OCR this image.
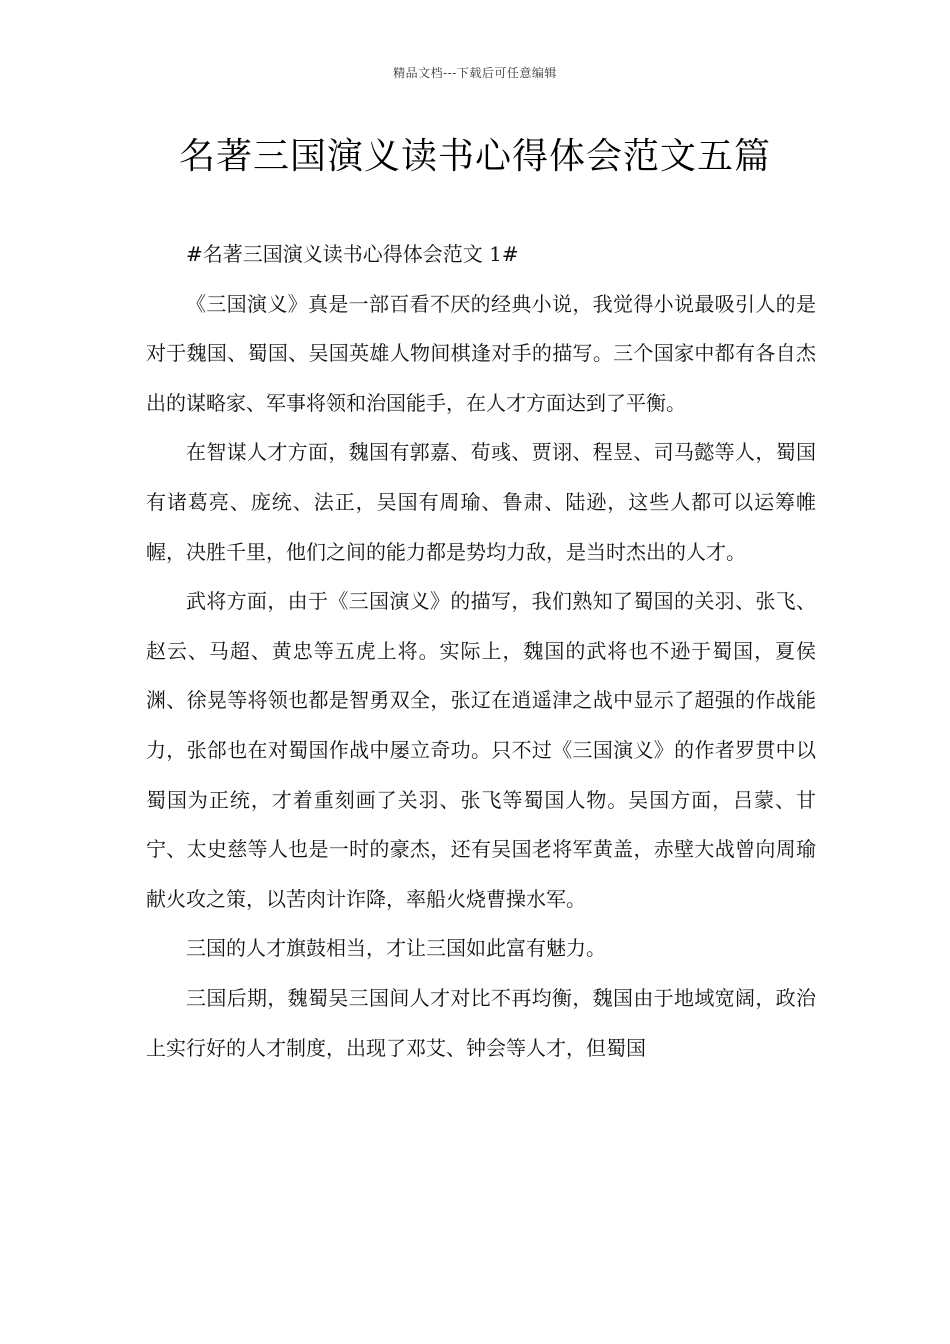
精品文档---下载后可任意编辑
名著三国演义读书心得体会范文五篇

#名著三国演义读书心得体会范文 1#

《三国演义》真是一部百看不厌的经典小说，我觉得小说最吸引人的是对于魏国、蜀国、吴国英雄人物间棋逢对手的描写。三个国家中都有各自杰出的谋略家、军事将领和治国能手，在人才方面达到了平衡。

在智谋人才方面，魏国有郭嘉、荀彧、贾诩、程昱、司马懿等人，蜀国有诸葛亮、庞统、法正，吴国有周瑜、鲁肃、陆逊，这些人都可以运筹帷幄，决胜千里，他们之间的能力都是势均力敌，是当时杰出的人才。

武将方面，由于《三国演义》的描写，我们熟知了蜀国的关羽、张飞、赵云、马超、黄忠等五虎上将。实际上，魏国的武将也不逊于蜀国，夏侯渊、徐晃等将领也都是智勇双全，张辽在逍遥津之战中显示了超强的作战能力，张郃也在对蜀国作战中屡立奇功。只不过《三国演义》的作者罗贯中以蜀国为正统，才着重刻画了关羽、张飞等蜀国人物。吴国方面，吕蒙、甘宁、太史慈等人也是一时的豪杰，还有吴国老将军黄盖，赤壁大战曾向周瑜献火攻之策，以苦肉计诈降，率船火烧曹操水军。

三国的人才旗鼓相当，才让三国如此富有魅力。

三国后期，魏蜀吴三国间人才对比不再均衡，魏国由于地域宽阔，政治上实行好的人才制度，出现了邓艾、钟会等人才，但蜀国
